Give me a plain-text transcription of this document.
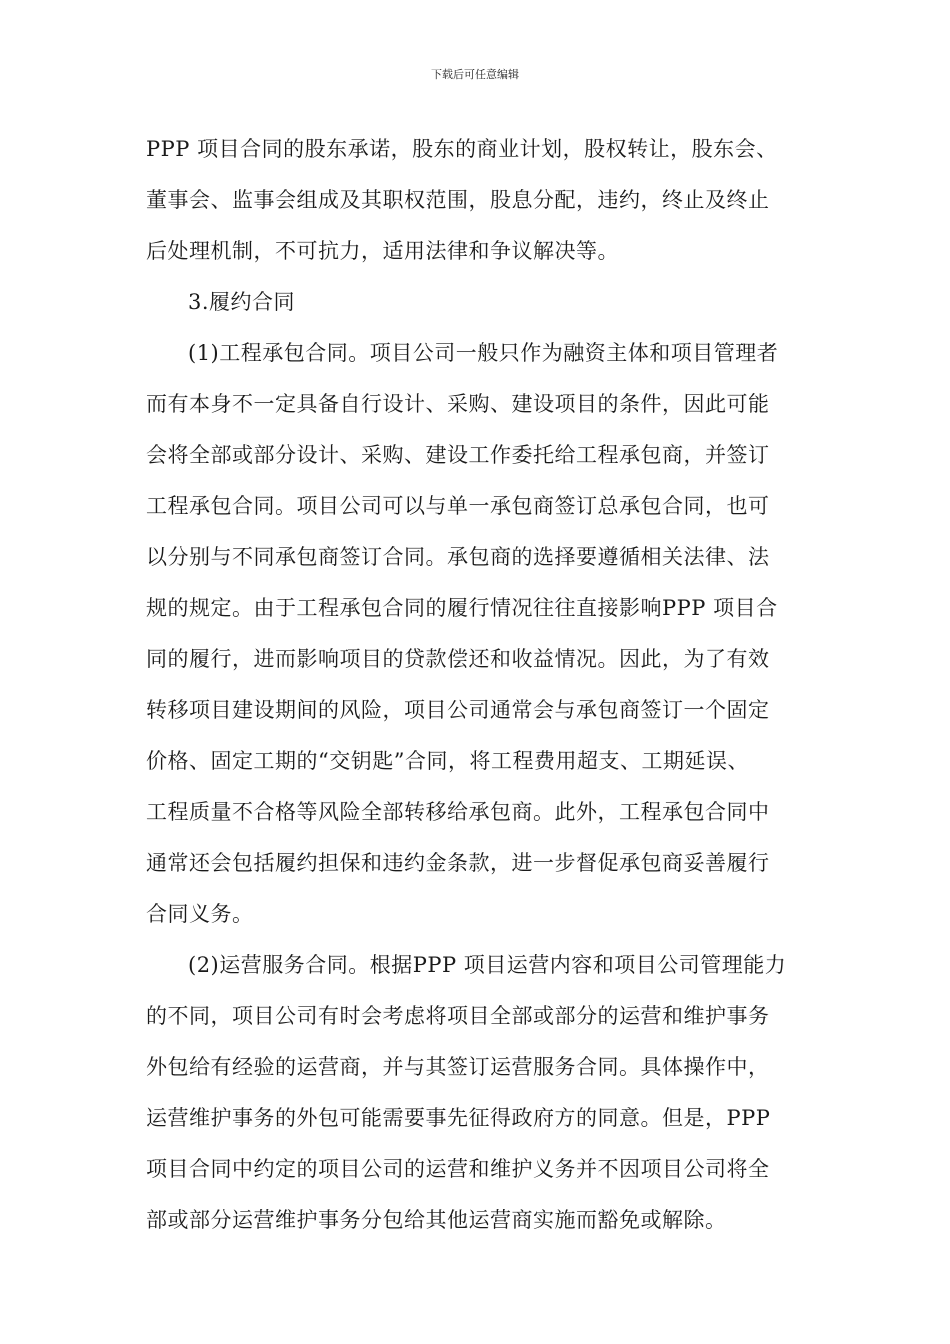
下载后可任意编辑
PPP 项目合同的股东承诺，股东的商业计划，股权转让，股东会、
董事会、监事会组成及其职权范围，股息分配，违约，终止及终止
后处理机制，不可抗力，适用法律和争议解决等。
3.履约合同
(1)工程承包合同。项目公司一般只作为融资主体和项目管理者
而有本身不一定具备自行设计、采购、建设项目的条件，因此可能
会将全部或部分设计、采购、建设工作委托给工程承包商，并签订
工程承包合同。项目公司可以与单一承包商签订总承包合同，也可
以分别与不同承包商签订合同。承包商的选择要遵循相关法律、法
规的规定。由于工程承包合同的履行情况往往直接影响PPP 项目合
同的履行，进而影响项目的贷款偿还和收益情况。因此，为了有效
转移项目建设期间的风险，项目公司通常会与承包商签订一个固定
价格、固定工期的“交钥匙”合同，将工程费用超支、工期延误、
工程质量不合格等风险全部转移给承包商。此外，工程承包合同中
通常还会包括履约担保和违约金条款，进一步督促承包商妥善履行
合同义务。
(2)运营服务合同。根据PPP 项目运营内容和项目公司管理能力
的不同，项目公司有时会考虑将项目全部或部分的运营和维护事务
外包给有经验的运营商，并与其签订运营服务合同。具体操作中，
运营维护事务的外包可能需要事先征得政府方的同意。但是，PPP
项目合同中约定的项目公司的运营和维护义务并不因项目公司将全
部或部分运营维护事务分包给其他运营商实施而豁免或解除。
